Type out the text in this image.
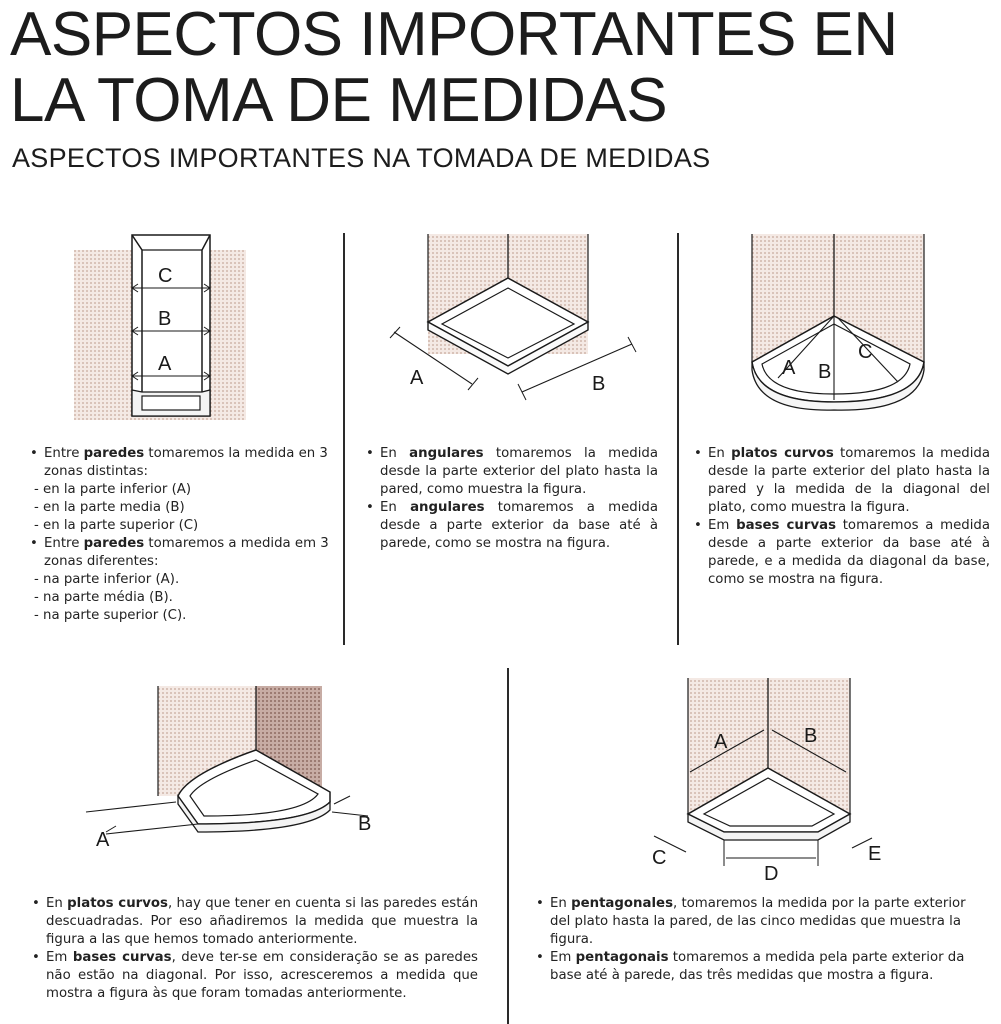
ASPECTOS IMPORTANTES EN
LA TOMA DE MEDIDAS
ASPECTOS IMPORTANTES NA TOMADA DE MEDIDAS
C
B
A
A	B
A B
C
A
B
A	B
C
D
E
• Entre paredes tomaremos la medida en 3 zonas distintas:

- en la parte inferior (A)

- en la parte media (B)

- en la parte superior (C)

• Entre paredes tomaremos a medida em 3 zonas diferentes:

- na parte inferior (A).

- na parte média (B).

- na parte superior (C).

• En angulares tomaremos la medida desde la parte exterior del plato hasta la pared, como muestra la figura.
• En angulares tomaremos a medida desde a parte exterior da base até à parede, como se mostra na figura.
• En platos curvos tomaremos la medida desde la parte exterior del plato hasta la pared y la medida de la diagonal del plato, como muestra la figura.
• Em bases curvas tomaremos a medida desde a parte exterior da base até à parede, e a medida da diagonal da base, como se mostra na figura.
• En platos curvos, hay que tener en cuenta si las paredes están descuadradas. Por eso añadiremos la medida que muestra la figura a las que hemos tomado anteriormente.
• Em bases curvas, deve ter-se em consideração se as paredes não estão na diagonal. Por isso, acresceremos a medida que mostra a figura às que foram tomadas anteriormente.
• En pentagonales, tomaremos la medida por la parte exterior del plato hasta la pared, de las cinco medidas que muestra la figura.
• Em pentagonais tomaremos a medida pela parte exterior da base até à parede, das três medidas que mostra a figura.
